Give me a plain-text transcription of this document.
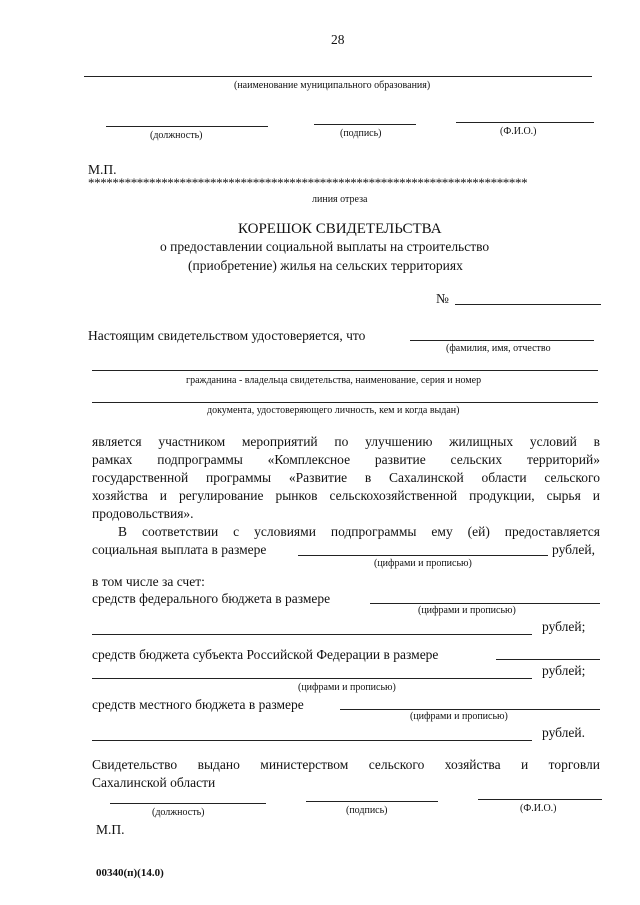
28
(наименование муниципального образования)
(должность)	(подпись)	(Ф.И.О.)
М.П.
************************************************************************
линия отреза
КОРЕШОК СВИДЕТЕЛЬСТВА
о предоставлении социальной выплаты на строительство
(приобретение) жилья на сельских территориях
№
Настоящим свидетельством удостоверяется, что
(фамилия, имя, отчество
гражданина - владельца свидетельства, наименование, серия и номер
документа, удостоверяющего личность, кем и когда выдан)
является участником мероприятий по улучшению жилищных условий в
рамках подпрограммы «Комплексное развитие сельских территорий»
государственной программы «Развитие в Сахалинской области сельского
хозяйства и регулирование рынков сельскохозяйственной продукции, сырья и
продовольствия».
В соответствии с условиями подпрограммы ему (ей) предоставляется
социальная выплата в размере	рублей,
(цифрами и прописью)
в том числе за счет:
средств федерального бюджета в размере
(цифрами и прописью)
рублей;
средств бюджета субъекта Российской Федерации в размере
рублей;
(цифрами и прописью)
средств местного бюджета в размере
(цифрами и прописью)
рублей.
Свидетельство выдано министерством сельского хозяйства и торговли
Сахалинской области
(должность)	(подпись)	(Ф.И.О.)
М.П.
00340(п)(14.0)
